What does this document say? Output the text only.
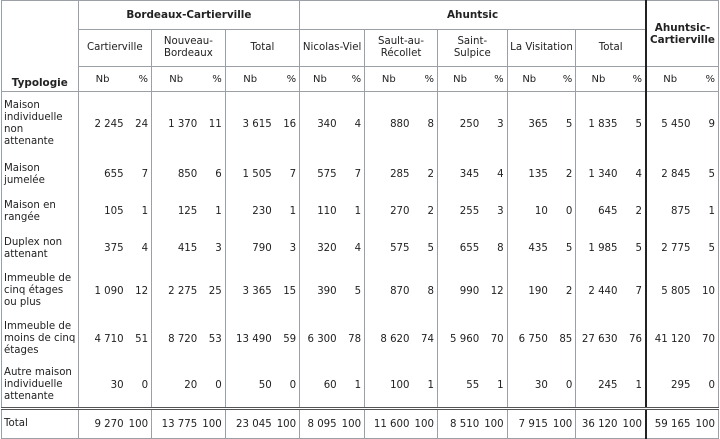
Typologie	Bordeaux-Cartierville						Ahuntsic										Ahuntsic-Cartierville	
	Cartierville		Nouveau-Bordeaux		Total		Nicolas-Viel		Sault-au-Récollet		Saint-Sulpice		La Visitation		Total			
	Nb	%	Nb	%	Nb	%	Nb	%	Nb	%	Nb	%	Nb	%	Nb	%	Nb	%
Maison individuelle non attenante	2 245	24	1 370	11	3 615	16	340	4	880	8	250	3	365	5	1 835	5	5 450	9
Maison jumelée	655	7	850	6	1 505	7	575	7	285	2	345	4	135	2	1 340	4	2 845	5
Maison en rangée	105	1	125	1	230	1	110	1	270	2	255	3	10	0	645	2	875	1
Duplex non attenant	375	4	415	3	790	3	320	4	575	5	655	8	435	5	1 985	5	2 775	5
Immeuble de cinq étages ou plus	1 090	12	2 275	25	3 365	15	390	5	870	8	990	12	190	2	2 440	7	5 805	10
Immeuble de moins de cinq étages	4 710	51	8 720	53	13 490	59	6 300	78	8 620	74	5 960	70	6 750	85	27 630	76	41 120	70
Autre maison individuelle attenante	30	0	20	0	50	0	60	1	100	1	55	1	30	0	245	1	295	0
Total	9 270	100	13 775	100	23 045	100	8 095	100	11 600	100	8 510	100	7 915	100	36 120	100	59 165	100
